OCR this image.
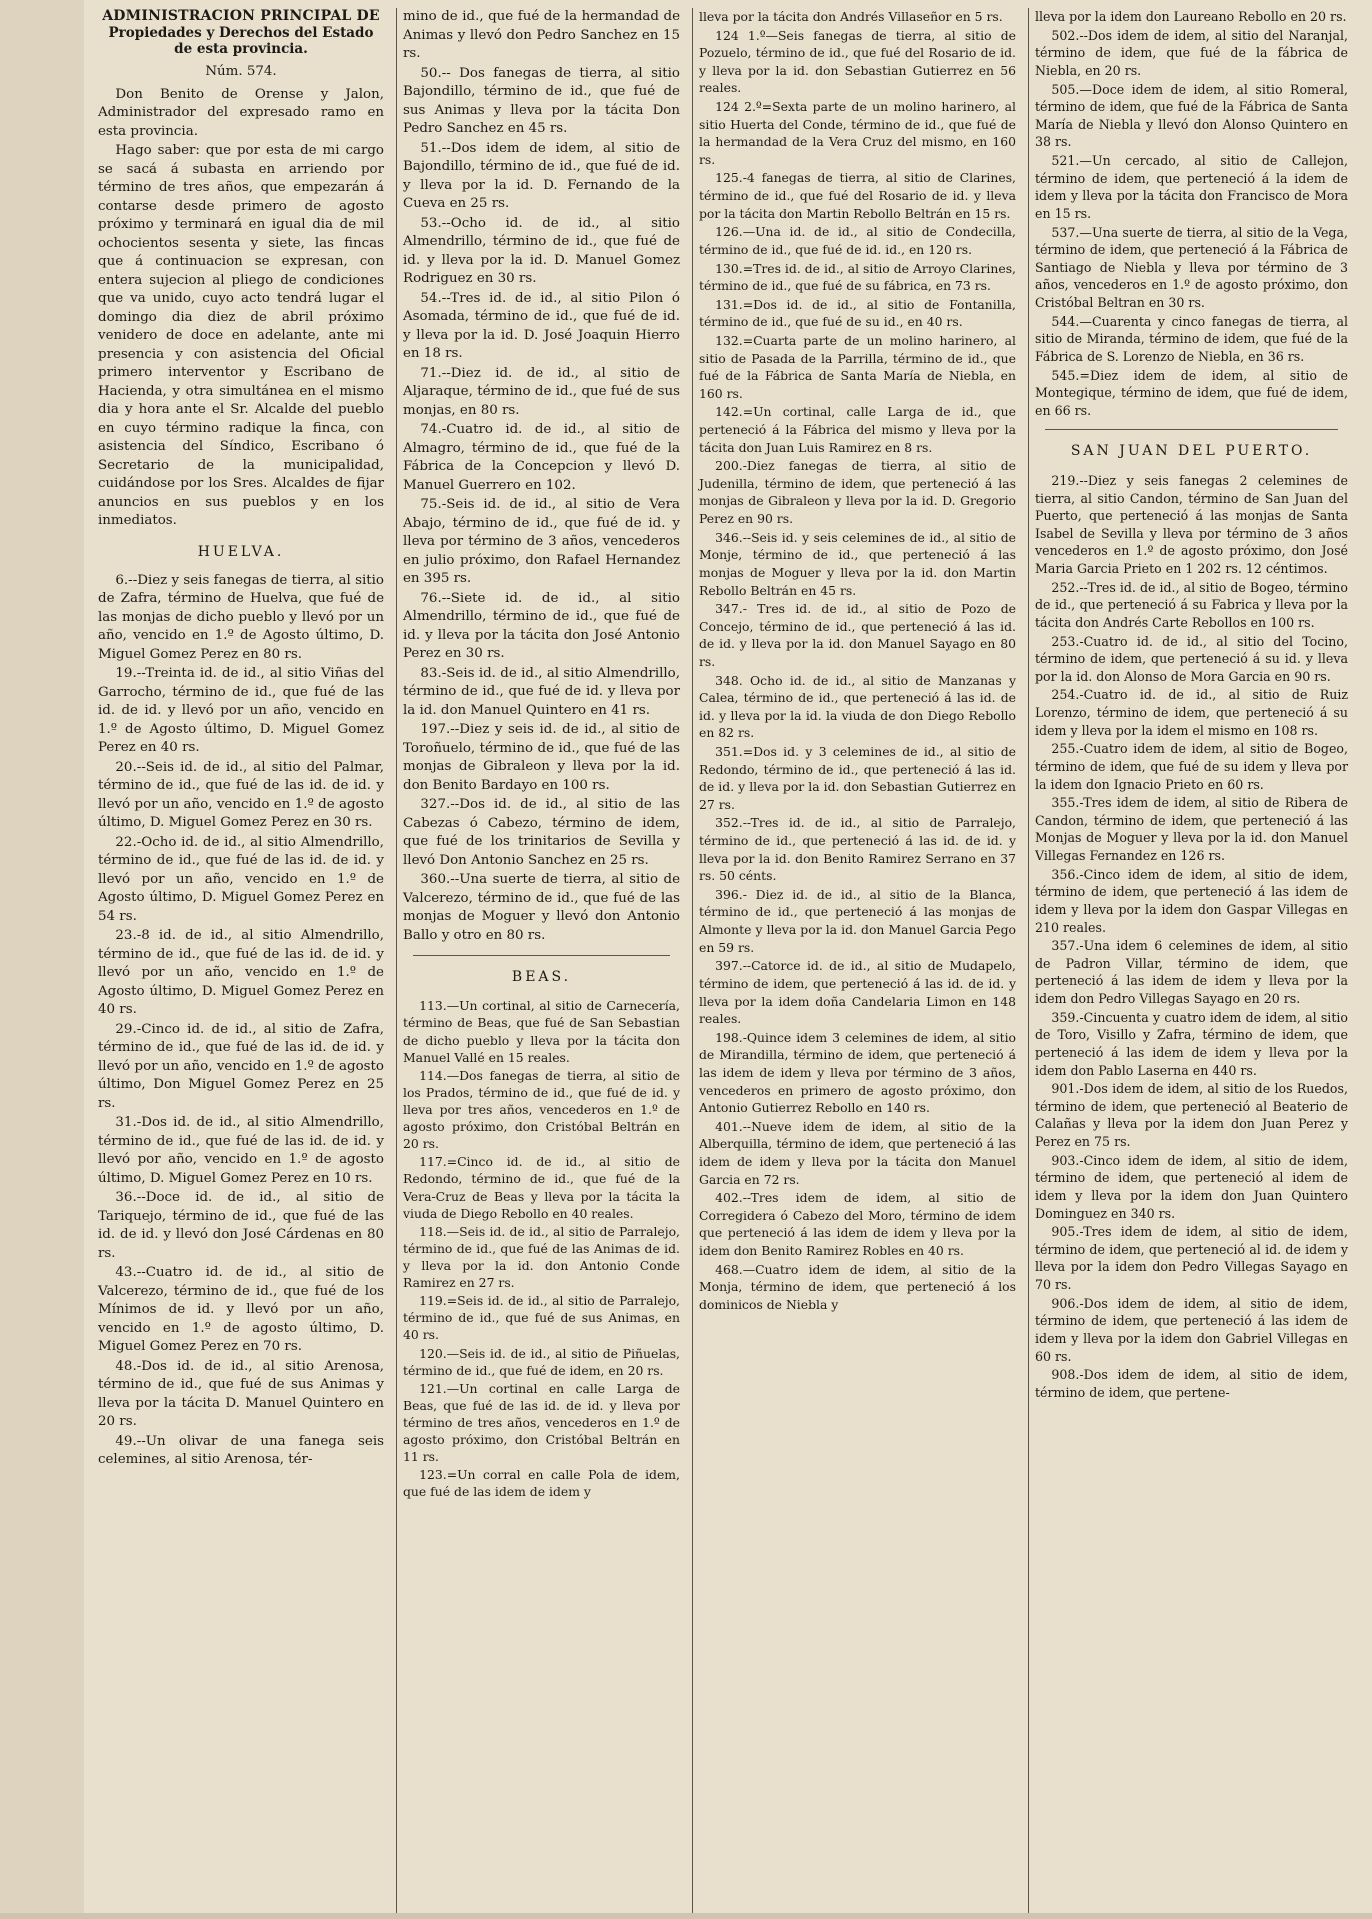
ADMINISTRACION PRINCIPAL DE
Propiedades y Derechos del Estado
de esta provincia.
Núm. 574.

Don Benito de Orense y Jalon, Administrador del expresado ramo en esta provincia.

Hago saber: que por esta de mi cargo se sacá á subasta en arriendo por término de tres años, que empezarán á contarse desde primero de agosto próximo y terminará en igual dia de mil ochocientos sesenta y siete, las fincas que á continuacion se expresan, con entera sujecion al pliego de condiciones que va unido, cuyo acto tendrá lugar el domingo dia diez de abril próximo venidero de doce en adelante, ante mi presencia y con asistencia del Oficial primero interventor y Escribano de Hacienda, y otra simultánea en el mismo dia y hora ante el Sr. Alcalde del pueblo en cuyo término radique la finca, con asistencia del Síndico, Escribano ó Secretario de la municipalidad, cuidándose por los Sres. Alcaldes de fijar anuncios en sus pueblos y en los inmediatos.

HUELVA.

6.--Diez y seis fanegas de tierra, al sitio de Zafra, término de Huelva, que fué de las monjas de dicho pueblo y llevó por un año, vencido en 1.º de Agosto último, D. Miguel Gomez Perez en 80 rs.

19.--Treinta id. de id., al sitio Viñas del Garrocho, término de id., que fué de las id. de id. y llevó por un año, vencido en 1.º de Agosto último, D. Miguel Gomez Perez en 40 rs.

20.--Seis id. de id., al sitio del Palmar, término de id., que fué de las id. de id. y llevó por un año, vencido en 1.º de agosto último, D. Miguel Gomez Perez en 30 rs.

22.-Ocho id. de id., al sitio Almendrillo, término de id., que fué de las id. de id. y llevó por un año, vencido en 1.º de Agosto último, D. Miguel Gomez Perez en 54 rs.

23.-8 id. de id., al sitio Almendrillo, término de id., que fué de las id. de id. y llevó por un año, vencido en 1.º de Agosto último, D. Miguel Gomez Perez en 40 rs.

29.-Cinco id. de id., al sitio de Zafra, término de id., que fué de las id. de id. y llevó por un año, vencido en 1.º de agosto último, Don Miguel Gomez Perez en 25 rs.

31.-Dos id. de id., al sitio Almendrillo, término de id., que fué de las id. de id. y llevó por año, vencido en 1.º de agosto último, D. Miguel Gomez Perez en 10 rs.

36.--Doce id. de id., al sitio de Tariquejo, término de id., que fué de las id. de id. y llevó don José Cárdenas en 80 rs.

43.--Cuatro id. de id., al sitio de Valcerezo, término de id., que fué de los Mínimos de id. y llevó por un año, vencido en 1.º de agosto último, D. Miguel Gomez Perez en 70 rs.

48.-Dos id. de id., al sitio Arenosa, término de id., que fué de sus Animas y lleva por la tácita D. Manuel Quintero en 20 rs.

49.--Un olivar de una fanega seis celemines, al sitio Arenosa, tér-

mino de id., que fué de la hermandad de Animas y llevó don Pedro Sanchez en 15 rs.

50.-- Dos fanegas de tierra, al sitio Bajondillo, término de id., que fué de sus Animas y lleva por la tácita Don Pedro Sanchez en 45 rs.

51.--Dos idem de idem, al sitio de Bajondillo, término de id., que fué de id. y lleva por la id. D. Fernando de la Cueva en 25 rs.

53.--Ocho id. de id., al sitio Almendrillo, término de id., que fué de id. y lleva por la id. D. Manuel Gomez Rodriguez en 30 rs.

54.--Tres id. de id., al sitio Pilon ó Asomada, término de id., que fué de id. y lleva por la id. D. José Joaquin Hierro en 18 rs.

71.--Diez id. de id., al sitio de Aljaraque, término de id., que fué de sus monjas, en 80 rs.

74.-Cuatro id. de id., al sitio de Almagro, término de id., que fué de la Fábrica de la Concepcion y llevó D. Manuel Guerrero en 102.

75.-Seis id. de id., al sitio de Vera Abajo, término de id., que fué de id. y lleva por término de 3 años, vencederos en julio próximo, don Rafael Hernandez en 395 rs.

76.--Siete id. de id., al sitio Almendrillo, término de id., que fué de id. y lleva por la tácita don José Antonio Perez en 30 rs.

83.-Seis id. de id., al sitio Almendrillo, término de id., que fué de id. y lleva por la id. don Manuel Quintero en 41 rs.

197.--Diez y seis id. de id., al sitio de Toroñuelo, término de id., que fué de las monjas de Gibraleon y lleva por la id. don Benito Bardayo en 100 rs.

327.--Dos id. de id., al sitio de las Cabezas ó Cabezo, término de idem, que fué de los trinitarios de Sevilla y llevó Don Antonio Sanchez en 25 rs.

360.--Una suerte de tierra, al sitio de Valcerezo, término de id., que fué de las monjas de Moguer y llevó don Antonio Ballo y otro en 80 rs.

BEAS.

113.—Un cortinal, al sitio de Carnecería, término de Beas, que fué de San Sebastian de dicho pueblo y lleva por la tácita don Manuel Vallé en 15 reales.

114.—Dos fanegas de tierra, al sitio de los Prados, término de id., que fué de id. y lleva por tres años, vencederos en 1.º de agosto próximo, don Cristóbal Beltrán en 20 rs.

117.=Cinco id. de id., al sitio de Redondo, término de id., que fué de la Vera-Cruz de Beas y lleva por la tácita la viuda de Diego Rebollo en 40 reales.

118.—Seis id. de id., al sitio de Parralejo, término de id., que fué de las Animas de id. y lleva por la id. don Antonio Conde Ramirez en 27 rs.

119.=Seis id. de id., al sitio de Parralejo, término de id., que fué de sus Animas, en 40 rs.

120.—Seis id. de id., al sitio de Piñuelas, término de id., que fué de idem, en 20 rs.

121.—Un cortinal en calle Larga de Beas, que fué de las id. de id. y lleva por término de tres años, vencederos en 1.º de agosto próximo, don Cristóbal Beltrán en 11 rs.

123.=Un corral en calle Pola de idem, que fué de las idem de idem y

lleva por la tácita don Andrés Villaseñor en 5 rs.

124 1.º—Seis fanegas de tierra, al sitio de Pozuelo, término de id., que fué del Rosario de id. y lleva por la id. don Sebastian Gutierrez en 56 reales.

124 2.º=Sexta parte de un molino harinero, al sitio Huerta del Conde, término de id., que fué de la hermandad de la Vera Cruz del mismo, en 160 rs.

125.-4 fanegas de tierra, al sitio de Clarines, término de id., que fué del Rosario de id. y lleva por la tácita don Martin Rebollo Beltrán en 15 rs.

126.—Una id. de id., al sitio de Condecilla, término de id., que fué de id. id., en 120 rs.

130.=Tres id. de id., al sitio de Arroyo Clarines, término de id., que fué de su fábrica, en 73 rs.

131.=Dos id. de id., al sitio de Fontanilla, término de id., que fué de su id., en 40 rs.

132.=Cuarta parte de un molino harinero, al sitio de Pasada de la Parrilla, término de id., que fué de la Fábrica de Santa María de Niebla, en 160 rs.

142.=Un cortinal, calle Larga de id., que perteneció á la Fábrica del mismo y lleva por la tácita don Juan Luis Ramirez en 8 rs.

200.-Diez fanegas de tierra, al sitio de Judenilla, término de idem, que perteneció á las monjas de Gibraleon y lleva por la id. D. Gregorio Perez en 90 rs.

346.--Seis id. y seis celemines de id., al sitio de Monje, término de id., que perteneció á las monjas de Moguer y lleva por la id. don Martin Rebollo Beltrán en 45 rs.

347.- Tres id. de id., al sitio de Pozo de Concejo, término de id., que perteneció á las id. de id. y lleva por la id. don Manuel Sayago en 80 rs.

348. Ocho id. de id., al sitio de Manzanas y Calea, término de id., que perteneció á las id. de id. y lleva por la id. la viuda de don Diego Rebollo en 82 rs.

351.=Dos id. y 3 celemines de id., al sitio de Redondo, término de id., que perteneció á las id. de id. y lleva por la id. don Sebastian Gutierrez en 27 rs.

352.--Tres id. de id., al sitio de Parralejo, término de id., que perteneció á las id. de id. y lleva por la id. don Benito Ramirez Serrano en 37 rs. 50 cénts.

396.- Diez id. de id., al sitio de la Blanca, término de id., que perteneció á las monjas de Almonte y lleva por la id. don Manuel Garcia Pego en 59 rs.

397.--Catorce id. de id., al sitio de Mudapelo, término de idem, que perteneció á las id. de id. y lleva por la idem doña Candelaria Limon en 148 reales.

198.-Quince idem 3 celemines de idem, al sitio de Mirandilla, término de idem, que perteneció á las idem de idem y lleva por término de 3 años, vencederos en primero de agosto próximo, don Antonio Gutierrez Rebollo en 140 rs.

401.--Nueve idem de idem, al sitio de la Alberquilla, término de idem, que perteneció á las idem de idem y lleva por la tácita don Manuel Garcia en 72 rs.

402.--Tres idem de idem, al sitio de Corregidera ó Cabezo del Moro, término de idem que perteneció á las idem de idem y lleva por la idem don Benito Ramirez Robles en 40 rs.

468.—Cuatro idem de idem, al sitio de la Monja, término de idem, que perteneció á los dominicos de Niebla y

lleva por la idem don Laureano Rebollo en 20 rs.

502.--Dos idem de idem, al sitio del Naranjal, término de idem, que fué de la fábrica de Niebla, en 20 rs.

505.—Doce idem de idem, al sitio Romeral, término de idem, que fué de la Fábrica de Santa María de Niebla y llevó don Alonso Quintero en 38 rs.

521.—Un cercado, al sitio de Callejon, término de idem, que perteneció á la idem de idem y lleva por la tácita don Francisco de Mora en 15 rs.

537.—Una suerte de tierra, al sitio de la Vega, término de idem, que perteneció á la Fábrica de Santiago de Niebla y lleva por término de 3 años, vencederos en 1.º de agosto próximo, don Cristóbal Beltran en 30 rs.

544.—Cuarenta y cinco fanegas de tierra, al sitio de Miranda, término de idem, que fué de la Fábrica de S. Lorenzo de Niebla, en 36 rs.

545.=Diez idem de idem, al sitio de Montegique, término de idem, que fué de idem, en 66 rs.

SAN JUAN DEL PUERTO.

219.--Diez y seis fanegas 2 celemines de tierra, al sitio Candon, término de San Juan del Puerto, que perteneció á las monjas de Santa Isabel de Sevilla y lleva por término de 3 años vencederos en 1.º de agosto próximo, don José Maria Garcia Prieto en 1 202 rs. 12 céntimos.

252.--Tres id. de id., al sitio de Bogeo, término de id., que perteneció á su Fabrica y lleva por la tácita don Andrés Carte Rebollos en 100 rs.

253.-Cuatro id. de id., al sitio del Tocino, término de idem, que perteneció á su id. y lleva por la id. don Alonso de Mora Garcia en 90 rs.

254.-Cuatro id. de id., al sitio de Ruiz Lorenzo, término de idem, que perteneció á su idem y lleva por la idem el mismo en 108 rs.

255.-Cuatro idem de idem, al sitio de Bogeo, término de idem, que fué de su idem y lleva por la idem don Ignacio Prieto en 60 rs.

355.-Tres idem de idem, al sitio de Ribera de Candon, término de idem, que perteneció á las Monjas de Moguer y lleva por la id. don Manuel Villegas Fernandez en 126 rs.

356.-Cinco idem de idem, al sitio de idem, término de idem, que perteneció á las idem de idem y lleva por la idem don Gaspar Villegas en 210 reales.

357.-Una idem 6 celemines de idem, al sitio de Padron Villar, término de idem, que perteneció á las idem de idem y lleva por la idem don Pedro Villegas Sayago en 20 rs.

359.-Cincuenta y cuatro idem de idem, al sitio de Toro, Visillo y Zafra, término de idem, que perteneció á las idem de idem y lleva por la idem don Pablo Laserna en 440 rs.

901.-Dos idem de idem, al sitio de los Ruedos, término de idem, que perteneció al Beaterio de Calañas y lleva por la idem don Juan Perez y Perez en 75 rs.

903.-Cinco idem de idem, al sitio de idem, término de idem, que perteneció al idem de idem y lleva por la idem don Juan Quintero Dominguez en 340 rs.

905.-Tres idem de idem, al sitio de idem, término de idem, que perteneció al id. de idem y lleva por la idem don Pedro Villegas Sayago en 70 rs.

906.-Dos idem de idem, al sitio de idem, término de idem, que perteneció á las idem de idem y lleva por la idem don Gabriel Villegas en 60 rs.

908.-Dos idem de idem, al sitio de idem, término de idem, que pertene-
